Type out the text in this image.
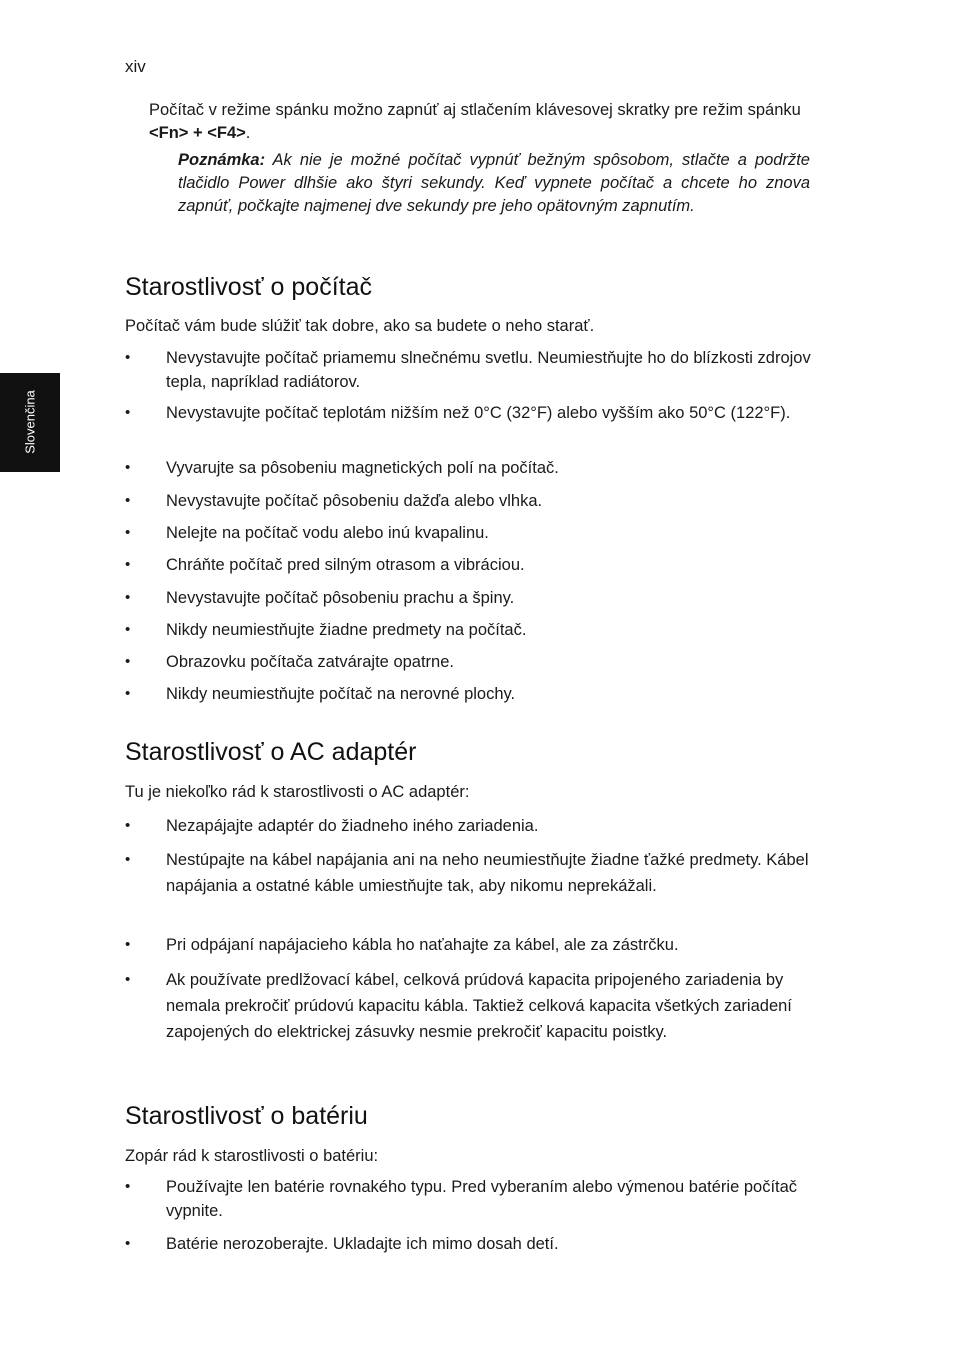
xiv
Slovenčina
Počítač v režime spánku možno zapnúť aj stlačením klávesovej skratky pre režim spánku <Fn> + <F4>.
Poznámka: Ak nie je možné počítač vypnúť bežným spôsobom, stlačte a podržte tlačidlo Power dlhšie ako štyri sekundy. Keď vypnete počítač a chcete ho znova zapnúť, počkajte najmenej dve sekundy pre jeho opätovným zapnutím.
Starostlivosť o počítač

Počítač vám bude slúžiť tak dobre, ako sa budete o neho starať.

• Nevystavujte počítač priamemu slnečnému svetlu. Neumiestňujte ho do blízkosti zdrojov tepla, napríklad radiátorov.
• Nevystavujte počítač teplotám nižším než 0°C (32°F) alebo vyšším ako 50°C (122°F).
• Vyvarujte sa pôsobeniu magnetických polí na počítač.
• Nevystavujte počítač pôsobeniu dažďa alebo vlhka.
• Nelejte na počítač vodu alebo inú kvapalinu.
• Chráňte počítač pred silným otrasom a vibráciou.
• Nevystavujte počítač pôsobeniu prachu a špiny.
• Nikdy neumiestňujte žiadne predmety na počítač.
• Obrazovku počítača zatvárajte opatrne.
• Nikdy neumiestňujte počítač na nerovné plochy.
Starostlivosť o AC adaptér

Tu je niekoľko rád k starostlivosti o AC adaptér:

• Nezapájajte adaptér do žiadneho iného zariadenia.
• Nestúpajte na kábel napájania ani na neho neumiestňujte žiadne ťažké predmety. Kábel napájania a ostatné káble umiestňujte tak, aby nikomu neprekážali.
• Pri odpájaní napájacieho kábla ho naťahajte za kábel, ale za zástrčku.
• Ak používate predlžovací kábel, celková prúdová kapacita pripojeného zariadenia by nemala prekročiť prúdovú kapacitu kábla. Taktiež celková kapacita všetkých zariadení zapojených do elektrickej zásuvky nesmie prekročiť kapacitu poistky.
Starostlivosť o batériu

Zopár rád k starostlivosti o batériu:

• Používajte len batérie rovnakého typu. Pred vyberaním alebo výmenou batérie počítač vypnite.
• Batérie nerozoberajte. Ukladajte ich mimo dosah detí.
